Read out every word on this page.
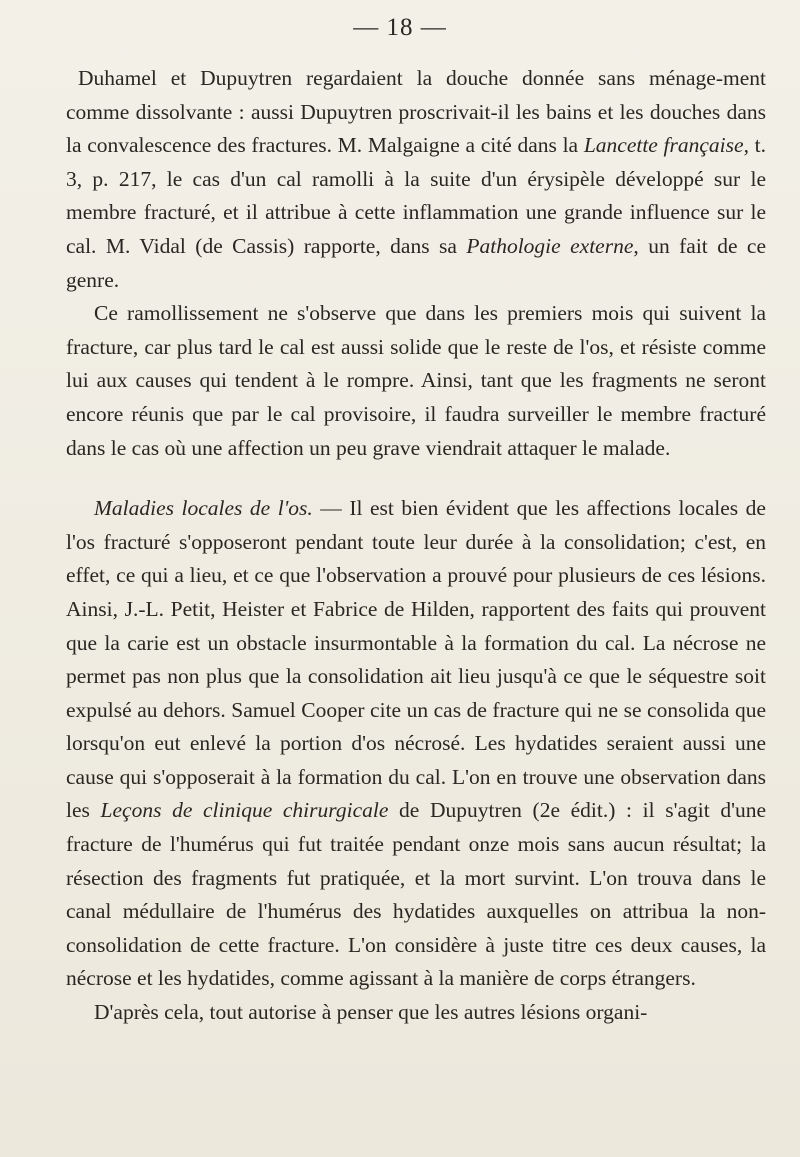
— 18 —

Duhamel et Dupuytren regardaient la douche donnée sans ménage-ment comme dissolvante : aussi Dupuytren proscrivait-il les bains et les douches dans la convalescence des fractures. M. Malgaigne a cité dans la Lancette française, t. 3, p. 217, le cas d'un cal ramolli à la suite d'un érysipèle développé sur le membre fracturé, et il attribue à cette inflammation une grande influence sur le cal. M. Vidal (de Cassis) rapporte, dans sa Pathologie externe, un fait de ce genre.

Ce ramollissement ne s'observe que dans les premiers mois qui suivent la fracture, car plus tard le cal est aussi solide que le reste de l'os, et résiste comme lui aux causes qui tendent à le rompre. Ainsi, tant que les fragments ne seront encore réunis que par le cal provisoire, il faudra surveiller le membre fracturé dans le cas où une affection un peu grave viendrait attaquer le malade.

Maladies locales de l'os. — Il est bien évident que les affections locales de l'os fracturé s'opposeront pendant toute leur durée à la consolidation; c'est, en effet, ce qui a lieu, et ce que l'observation a prouvé pour plusieurs de ces lésions. Ainsi, J.-L. Petit, Heister et Fabrice de Hilden, rapportent des faits qui prouvent que la carie est un obstacle insurmontable à la formation du cal. La nécrose ne permet pas non plus que la consolidation ait lieu jusqu'à ce que le séquestre soit expulsé au dehors. Samuel Cooper cite un cas de fracture qui ne se consolida que lorsqu'on eut enlevé la portion d'os nécrosé. Les hydatides seraient aussi une cause qui s'opposerait à la formation du cal. L'on en trouve une observation dans les Leçons de clinique chirurgicale de Dupuytren (2e édit.) : il s'agit d'une fracture de l'humérus qui fut traitée pendant onze mois sans aucun résultat; la résection des fragments fut pratiquée, et la mort survint. L'on trouva dans le canal médullaire de l'humérus des hydatides auxquelles on attribua la non-consolidation de cette fracture. L'on considère à juste titre ces deux causes, la nécrose et les hydatides, comme agissant à la manière de corps étrangers.

D'après cela, tout autorise à penser que les autres lésions organi-
